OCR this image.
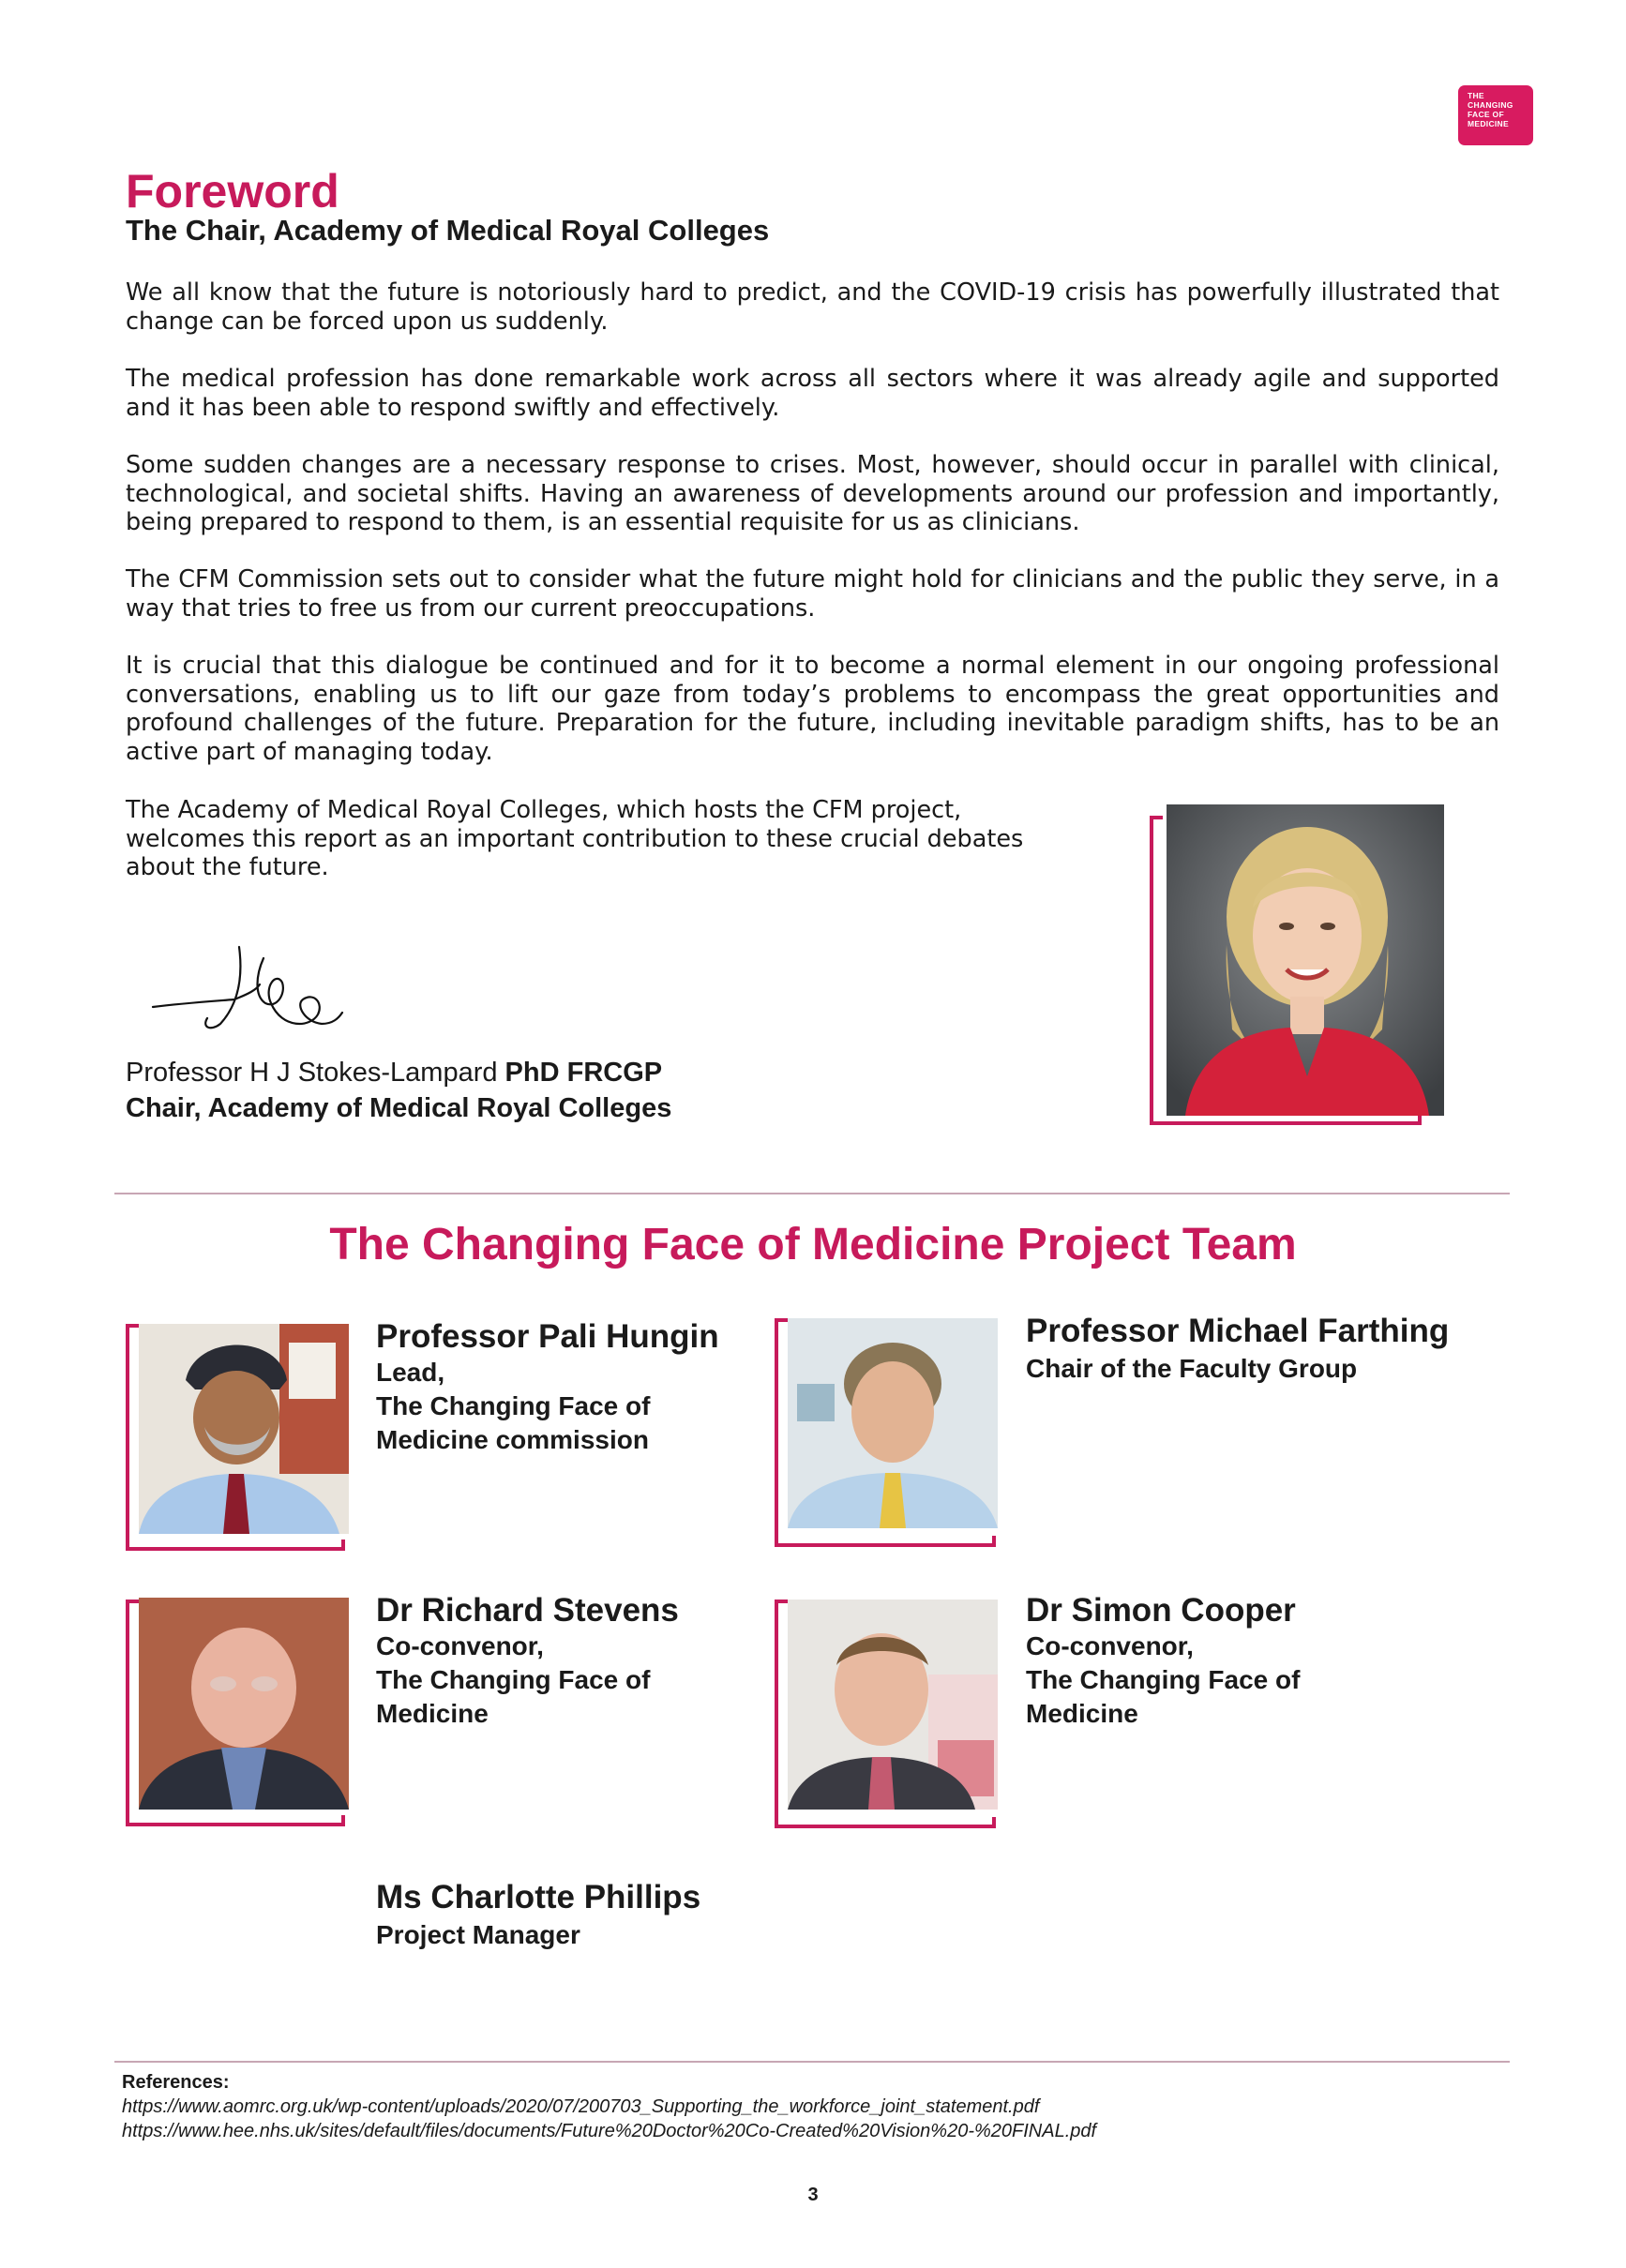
THE
CHANGING
FACE OF
MEDICINE
Foreword
The Chair, Academy of Medical Royal Colleges

We all know that the future is notoriously hard to predict, and the COVID-19 crisis has powerfully illustrated that change can be forced upon us suddenly.

The medical profession has done remarkable work across all sectors where it was already agile and supported and it has been able to respond swiftly and effectively.

Some sudden changes are a necessary response to crises. Most, however, should occur in parallel with clinical, technological, and societal shifts. Having an awareness of developments around our profession and importantly, being prepared to respond to them, is an essential requisite for us as clinicians.

The CFM Commission sets out to consider what the future might hold for clinicians and the public they serve, in a way that tries to free us from our current preoccupations.

It is crucial that this dialogue be continued and for it to become a normal element in our ongoing professional conversations, enabling us to lift our gaze from today’s problems to encompass the great opportunities and profound challenges of the future. Preparation for the future, including inevitable paradigm shifts, has to be an active part of managing today.

The Academy of Medical Royal Colleges, which hosts the CFM project, welcomes this report as an important contribution to these crucial debates about the future.

Professor H J Stokes-Lampard PhD FRCGP
Chair, Academy of Medical Royal Colleges
The Changing Face of Medicine Project Team
Professor Pali Hungin
Lead,
The Changing Face of
Medicine commission
Professor Michael Farthing
Chair of the Faculty Group
Dr Richard Stevens
Co-convenor,
The Changing Face of
Medicine
Dr Simon Cooper
Co-convenor,
The Changing Face of
Medicine
Ms Charlotte Phillips
Project Manager
References:
https://www.aomrc.org.uk/wp-content/uploads/2020/07/200703_Supporting_the_workforce_joint_statement.pdf
https://www.hee.nhs.uk/sites/default/files/documents/Future%20Doctor%20Co-Created%20Vision%20-%20FINAL.pdf
3
